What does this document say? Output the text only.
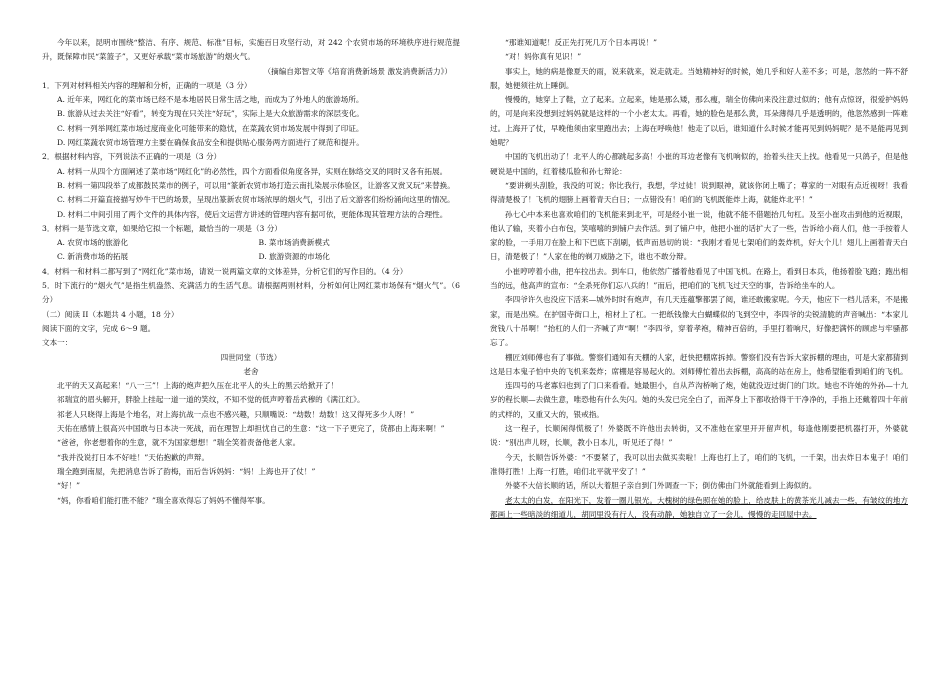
今年以来，昆明市围绕“整洁、有序、规范、标准”目标，实施百日攻坚行动，对 242 个农贸市场的环境秩序进行规范提升，既保障市民“菜篮子”，又更好承载“菜市场旅游”的烟火气。

（摘编自郑智文等《培育消费新场景 激发消费新活力》）

1．下列对材料相关内容的理解和分析，正确的一项是（3 分）

A. 近年来，网红化的菜市场已经不是本地居民日常生活之地，而成为了外地人的旅游场所。

B. 旅游从过去关注“好看”，转变为现在只关注“好玩”，实际上是大众旅游需求的深层变化。

C. 材料一列举网红菜市场过度商业化可能带来的隐忧，在菜蔬农贸市场发展中得到了印证。

D. 网红菜蔬农贸市场管理方主要在确保食品安全和提供贴心服务两方面进行了规范和提升。

2．根据材料内容，下列说法不正确的一项是（3 分）

A. 材料一从四个方面阐述了菜市场“网红化”的必然性，四个方面看似角度各异，实则在脉络交叉的同时又各有拓展。

B. 材料一第四段举了成都鼓民菜市的例子，可以用“篆新农贸市场打造云南扎染展示体验区，让游客又赏又玩”来替换。

C. 材料二开篇直接描写炒牛干巴的场景，呈现出篆新农贸市场浓厚的烟火气，引出了后文游客们纷纷涌向这里的情况。

D. 材料二中间引用了两个文件的具体内容，使后文运营方讲述的管理内容有据可依，更能体现其管理方法的合理性。

3．材料一是节选文章，如果给它拟一个标题，最恰当的一项是（3 分）

A. 农贸市场的旅游化	B. 菜市场消费新模式
C. 新消费市场的拓展	D. 旅游资源的市场化

4．材料一和材料二都写到了“网红化”菜市场，请说一说两篇文章的文体差异，分析它们的写作目的。（4 分）

5．时下流行的“烟火气”是指生机盎然、充满活力的生活气息。请根据两则材料，分析如何让网红菜市场保有“烟火气”。（6 分）

（二）阅读 II（本题共 4 小题，18 分）

阅读下面的文字，完成 6～9 题。

文本一：

四世同堂（节选）

老舍

北平的天又高起来！“八一三”！上海的炮声把久压在北平人的头上的黑云给掀开了！

祁瑞宣的眉头解开，胖脸上挂起一道一道的笑纹，不知不觉的低声哼着岳武穆的《满江红》。

祁老人只晓得上海是个地名，对上海抗战一点也不感兴趣，只顺嘴说：“劫数！劫数！这又得死多少人呀！”

天佑在感情上很高兴中国敢与日本决一死战，而在理智上却担忧自己的生意：“这一下子更完了，货都由上海来啊！”

“爸爸，你老想着你的生意，就不为国家想想！”瑞全笑着责备他老人家。

“我并没说打日本不好哇！”天佑抱歉的声辩。

瑞全跑到南屋，先把消息告诉了韵梅，而后告诉妈妈：“妈！上海也开了仗！”

“好！”

“妈，你看咱们能打胜不能？”瑞全喜欢得忘了妈妈不懂得军事。

“那谁知道呢！反正先打死几万个日本再说！”

“对！妈你真有见识！”

事实上，她的病是像夏天的雨，说来就来，说走就走。当她精神好的时候，她几乎和好人差不多；可是，忽然的一阵不舒服，她便须往炕上睡倒。

慢慢的，她穿上了鞋，立了起来。立起来，她是那么矮，那么瘦，瑞全仿佛向来没注意过似的；他有点惊讶，很爱护妈妈的，可是向来没想到过妈妈就是这样的一个小老太太。再看，她的脸色是那么黄，耳朵薄得几乎是透明的，他忽然感到一阵难过。上海开了仗，早晚他须由家里跑出去；上海在呼唤他！他走了以后，谁知道什么时候才能再见到妈妈呢？是不是能再见到她呢？

中国的飞机出动了！北平人的心都跳起多高！小崔的耳边老像有飞机响似的，抬着头往天上找。他看见一只鸽子，但是他硬说是中国的，红着楼瓜脸和孙七辩论：

“要讲剃头刮脸，我没的可说；你比我行，我想，学过徒！说到眼神，就该你闭上嘴了；尊家的一对眼有点近视呀！我看得清楚极了！飞机的翅膀上画着青天白日；一点错没有！咱们的飞机既能炸上海，就能炸北平！”

孙七心中本来也喜欢咱们的飞机能来到北平，可是经小崔一说，他就不能不借题抬几句杠。及至小崔攻击到他的近视眼，他认了输，夹着小白布包，笑嘻嘻的到铺户去作活。到了铺户中，他把小崔的话扩大了一些，告诉给小商人们，他一手按着人家的脸，一手用刀在脸上和下巴底下刮刷，低声而恳切的说：“我刚才看见七架咱们的轰炸机，好大个儿！翅儿上画着青天白日，清楚极了！”人家在他的剃刀威胁之下，谁也不敢分辩。

小崔哼哼着小曲，把车拉出去。到车口，他依然广播着他看见了中国飞机。在路上，看到日本兵，他扬着脸飞跑；跑出相当的远，他高声的宣布：“全杀死你们忘八兵的！”而后，把咱们的飞机飞过天空的事，告诉给坐车的人。

李四爷许久也没应下活来—城外时时有炮声，有几天连蕴擎都罢了阅，谁还敢搬家呢。今天，他应下一档儿活来，不是搬家，而是出殡。在护国寺街口上，棺材上了杠。一把纸钱像大白蝴蝶似的飞到空中，李四爷的尖锐清脆的声音喊出：“本家儿赏钱八十吊啊！”抬杠的人们一齐喊了声“啊！”李四爷，穿着孝袍，精神百倍的，手里打着响尺，好像把满怀的顾虑与牢骚都忘了。

棚匠刘师傅也有了事做。警察们通知有天棚的人家，赶快把棚席拆掉。警察们没有告诉大家拆棚的理由，可是大家都猜到这是日本鬼子怕中央的飞机来轰炸；席棚是容易起火的。刘师傅忙着出去拆棚，高高的站在房上，他希望能看到咱们的飞机。

连四号的马老寡妇也到了门口来看看。她最胆小，自从芦沟桥响了炮，她就没迈过街门的门坎。她也不许她的外孙—十九岁的程长顺—去做生意，唯恐他有什么失闪。她的头发已完全白了，而浑身上下都收拾得干干净净的，手指上还戴着四十年前的式样的，又重又大的，银戒指。

这一程子，长顺闲得慌极了！外婆既不许他出去转街，又不准他在家里开开留声机，每逢他刚要把机器打开，外婆就说：“别出声儿呀，长顺，教小日本儿，听见还了得！”

今天，长顺告诉外婆：“不要紧了，我可以出去做买卖啦！上海也打上了，咱们的飞机，一千架，出去炸日本鬼子！咱们准得打胜！上海一打胜，咱们北平就平安了！”

外婆不大信长顺的话，所以大着胆子亲自到门外调查一下；倒仿佛由门外就能看到上海似的。

老太太的白发，在阳光下，发着一圈儿银光。大槐树的绿色照在她的脸上，给皮肤上的黄茶光儿减去一些，有皱纹的地方都画上一些暗淡的细道儿，胡同里没有行人，没有动静，她独自立了一会儿，慢慢的走回屋中去。
